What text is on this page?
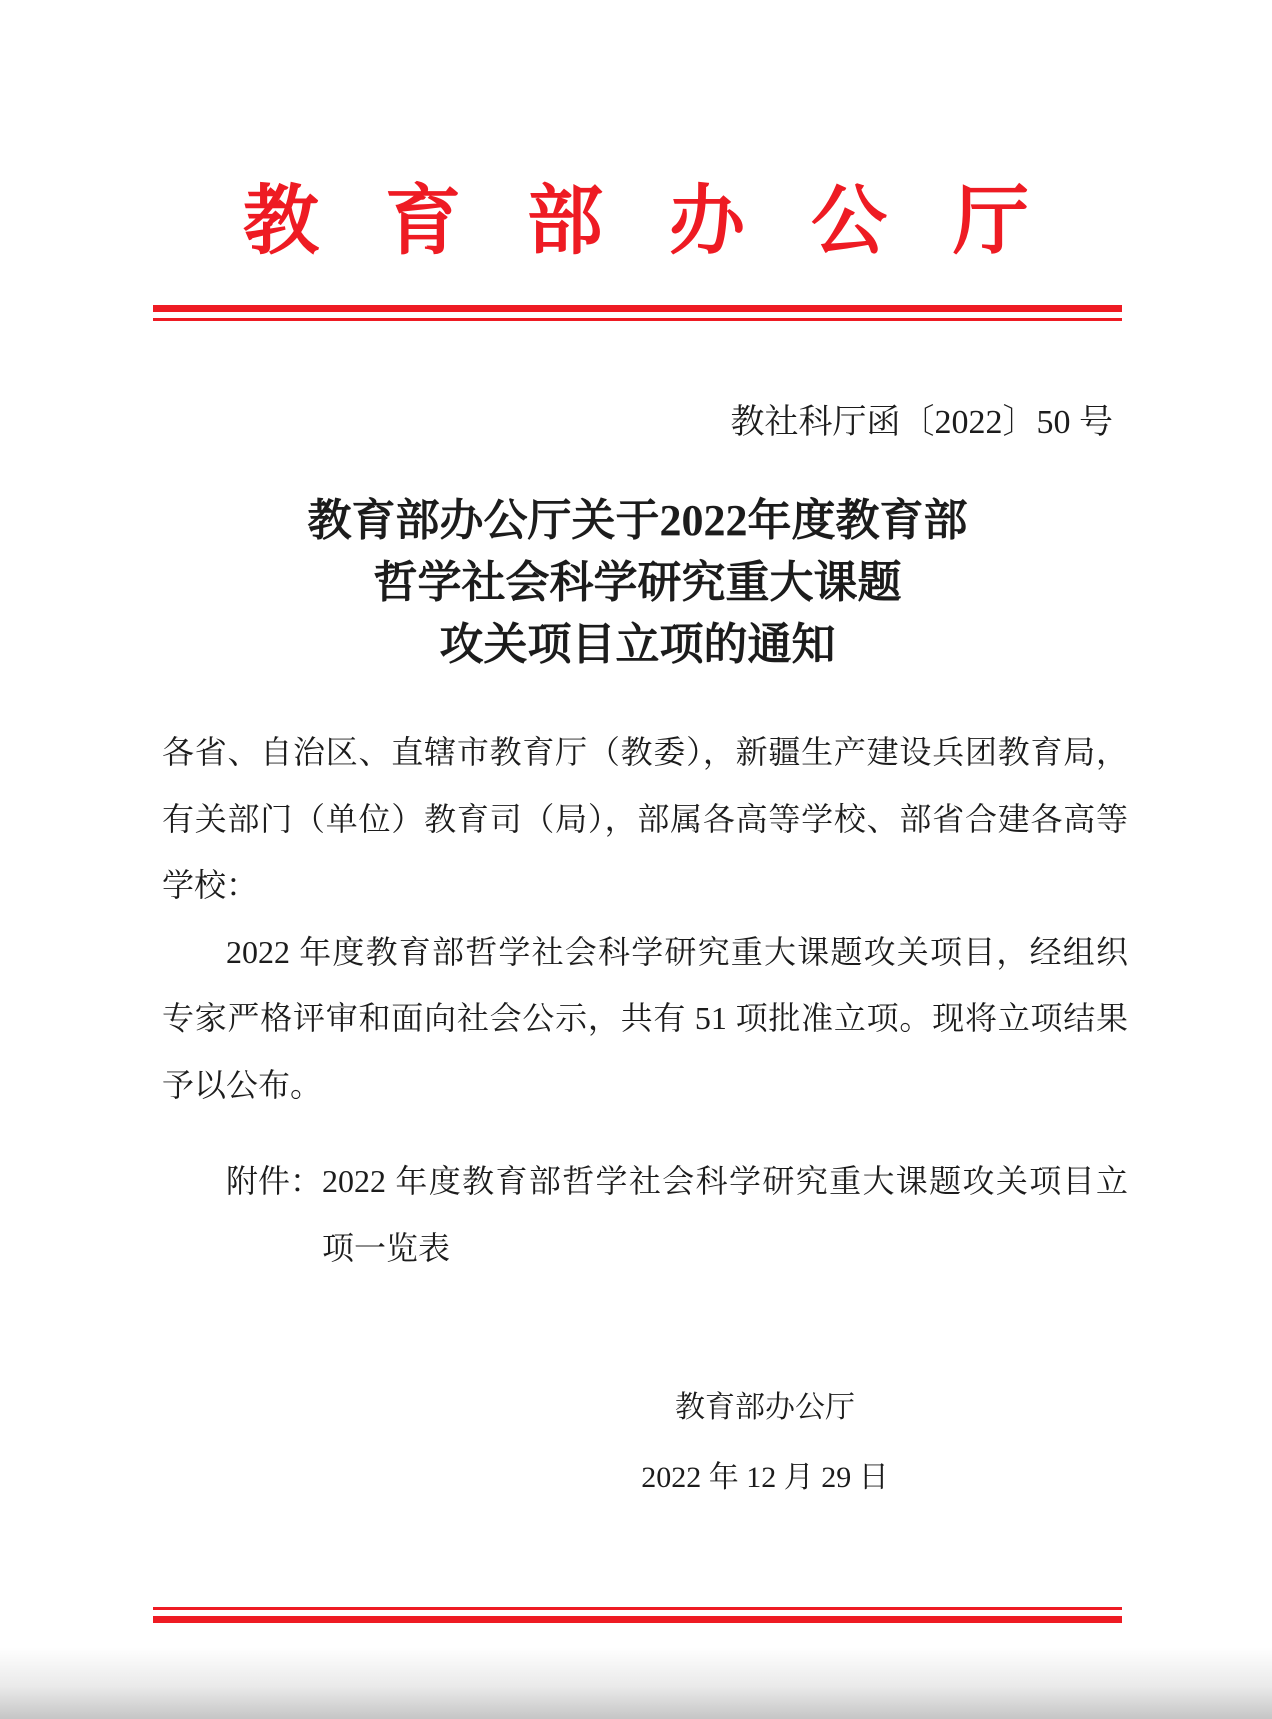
教 育 部 办 公 厅
教社科厅函〔2022〕50 号
教育部办公厅关于2022年度教育部
哲学社会科学研究重大课题
攻关项目立项的通知

各省、自治区、直辖市教育厅（教委），新疆生产建设兵团教育局，有关部门（单位）教育司（局），部属各高等学校、部省合建各高等学校：

2022 年度教育部哲学社会科学研究重大课题攻关项目，经组织专家严格评审和面向社会公示，共有 51 项批准立项。现将立项结果予以公布。

附件： 2022 年度教育部哲学社会科学研究重大课题攻关项目立项一览表
教育部办公厅
2022 年 12 月 29 日
